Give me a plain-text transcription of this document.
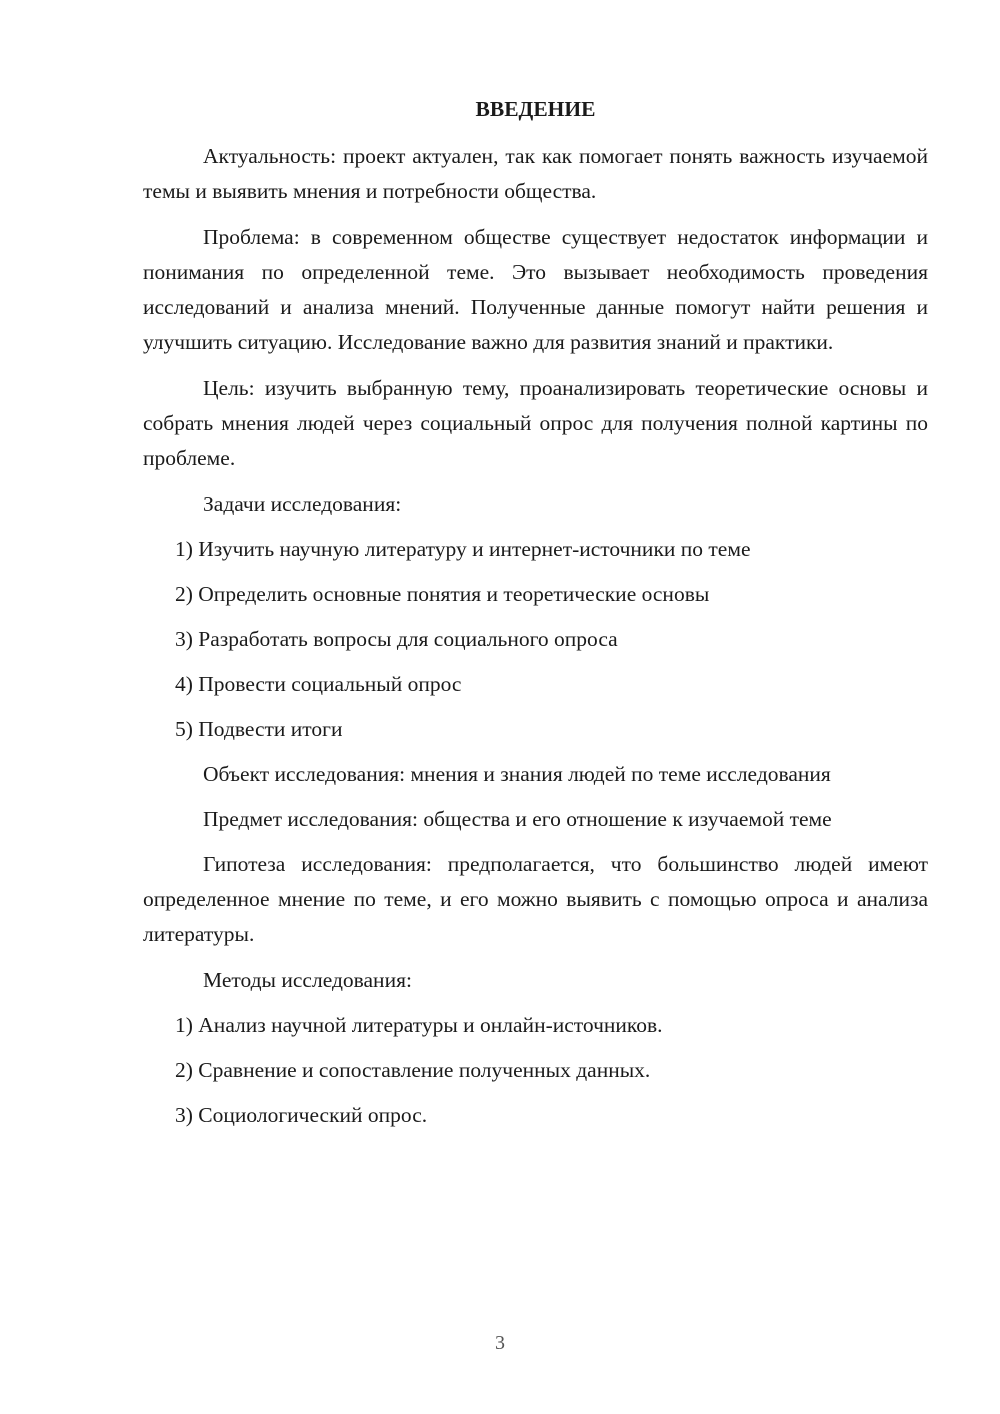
ВВЕДЕНИЕ

Актуальность: проект актуален, так как помогает понять важность изучаемой темы и выявить мнения и потребности общества.

Проблема: в современном обществе существует недостаток информации и понимания по определенной теме. Это вызывает необходимость проведения исследований и анализа мнений. Полученные данные помогут найти решения и улучшить ситуацию. Исследование важно для развития знаний и практики.

Цель: изучить выбранную тему, проанализировать теоретические основы и собрать мнения людей через социальный опрос для получения полной картины по проблеме.

Задачи исследования:

1) Изучить научную литературу и интернет-источники по теме
2) Определить основные понятия и теоретические основы
3) Разработать вопросы для социального опроса
4) Провести социальный опрос
5) Подвести итоги

Объект исследования: мнения и знания людей по теме исследования

Предмет исследования: общества и его отношение к изучаемой теме

Гипотеза исследования: предполагается, что большинство людей имеют определенное мнение по теме, и его можно выявить с помощью опроса и анализа литературы.

Методы исследования:

1) Анализ научной литературы и онлайн-источников.
2) Сравнение и сопоставление полученных данных.
3) Социологический опрос.
3
